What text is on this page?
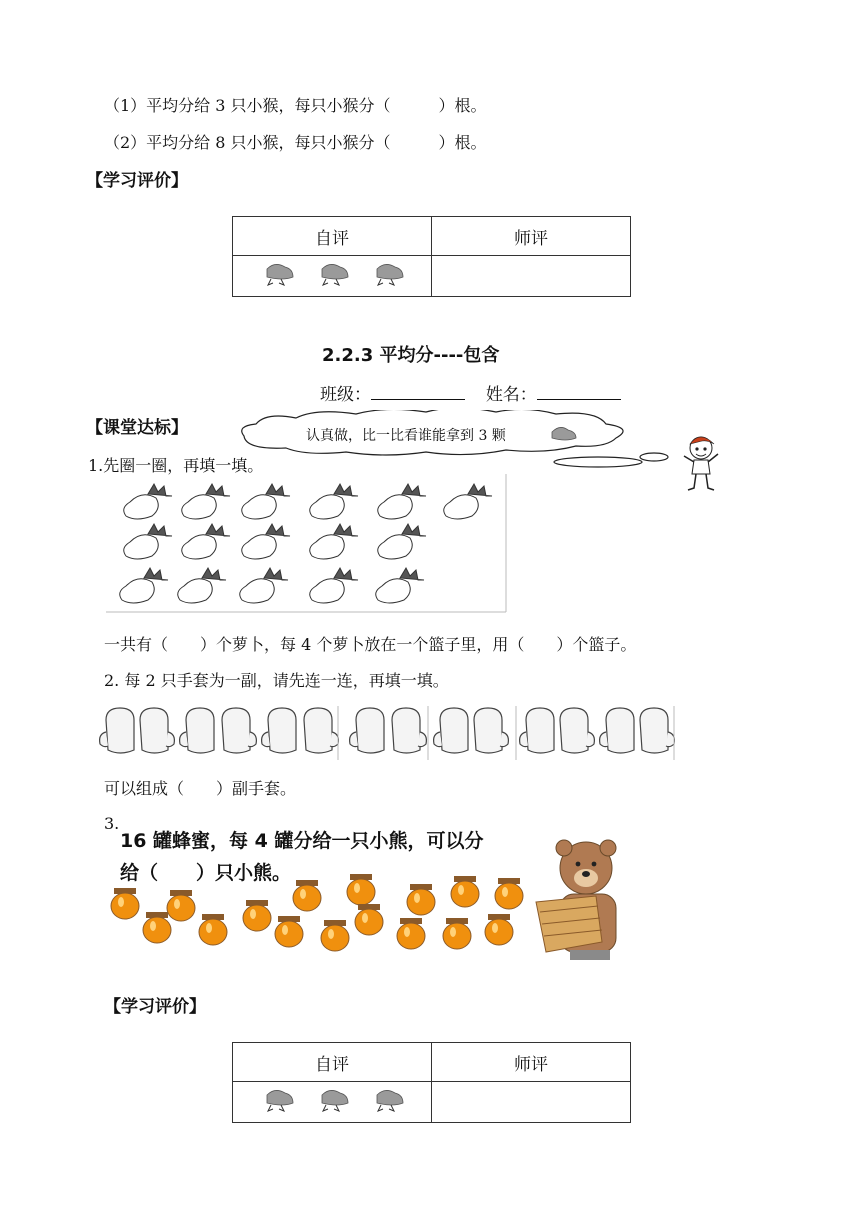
（1）平均分给 3 只小猴，每只小猴分（　　　）根。
（2）平均分给 8 只小猴，每只小猴分（　　　）根。
【学习评价】
自评	师评

2.2.3 平均分----包含
班级：	姓名：
【课堂达标】	认真做，比一比看谁能拿到 3 颗
1.先圈一圈，再填一填。
一共有（　　）个萝卜，每 4 个萝卜放在一个篮子里，用（　　）个篮子。
2. 每 2 只手套为一副，请先连一连，再填一填。
可以组成（　　）副手套。
3.
16 罐蜂蜜，每 4 罐分给一只小熊，可以分
给（　　）只小熊。
【学习评价】
自评	师评
